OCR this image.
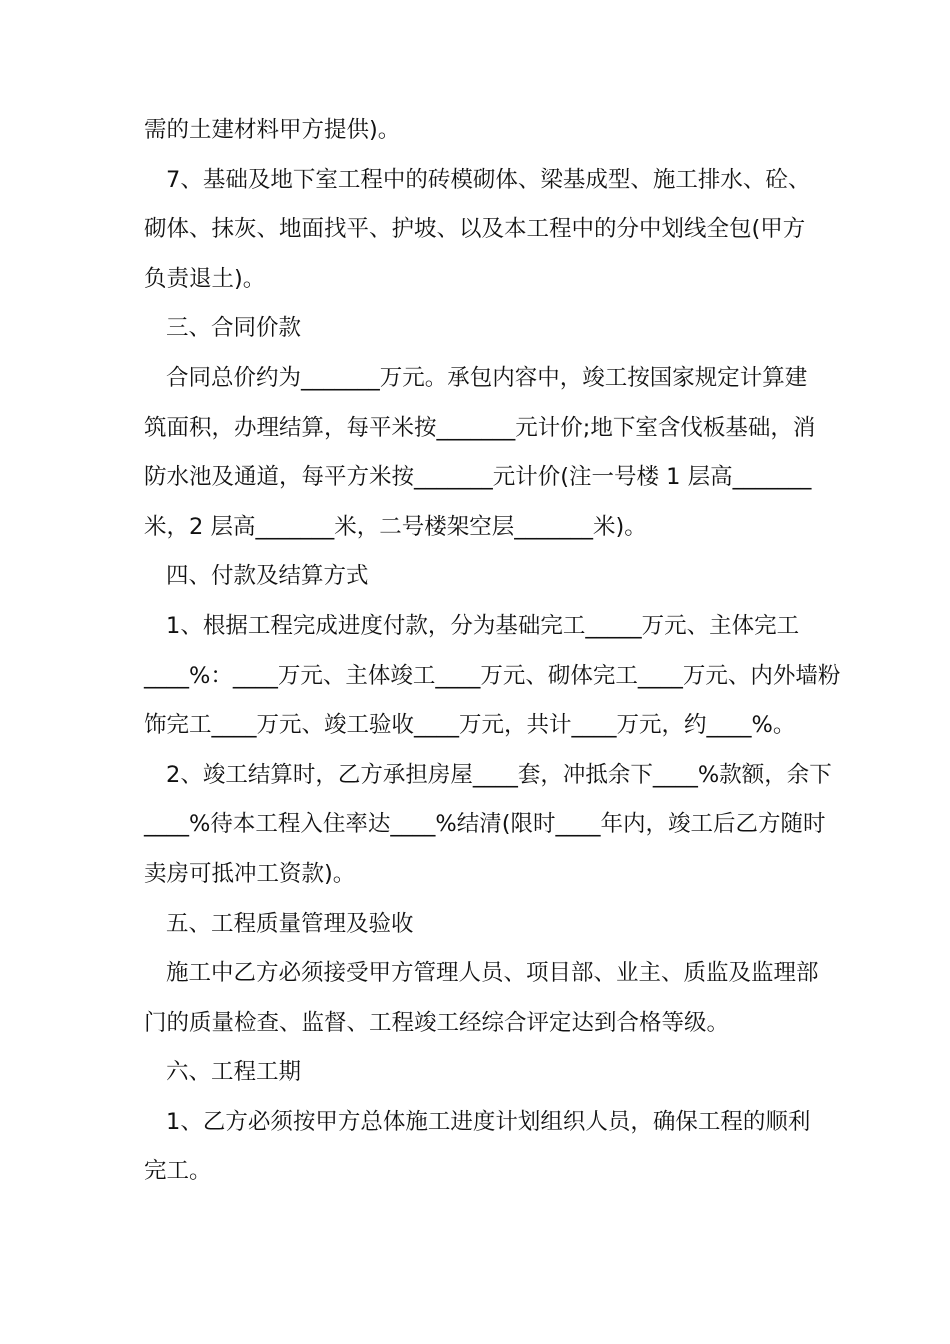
需的土建材料甲方提供)。
7、基础及地下室工程中的砖模砌体、梁基成型、施工排水、砼、
砌体、抹灰、地面找平、护坡、以及本工程中的分中划线全包(甲方
负责退土)。
三、合同价款
合同总价约为_______万元。承包内容中，竣工按国家规定计算建
筑面积，办理结算，每平米按_______元计价;地下室含伐板基础，消
防水池及通道，每平方米按_______元计价(注一号楼 1 层高_______
米，2 层高_______米，二号楼架空层_______米)。
四、付款及结算方式
1、根据工程完成进度付款，分为基础完工_____万元、主体完工
____%：____万元、主体竣工____万元、砌体完工____万元、内外墙粉
饰完工____万元、竣工验收____万元，共计____万元，约____%。
2、竣工结算时，乙方承担房屋____套，冲抵余下____%款额，余下
____%待本工程入住率达____%结清(限时____年内，竣工后乙方随时
卖房可抵冲工资款)。
五、工程质量管理及验收
施工中乙方必须接受甲方管理人员、项目部、业主、质监及监理部
门的质量检查、监督、工程竣工经综合评定达到合格等级。
六、工程工期
1、乙方必须按甲方总体施工进度计划组织人员，确保工程的顺利
完工。
